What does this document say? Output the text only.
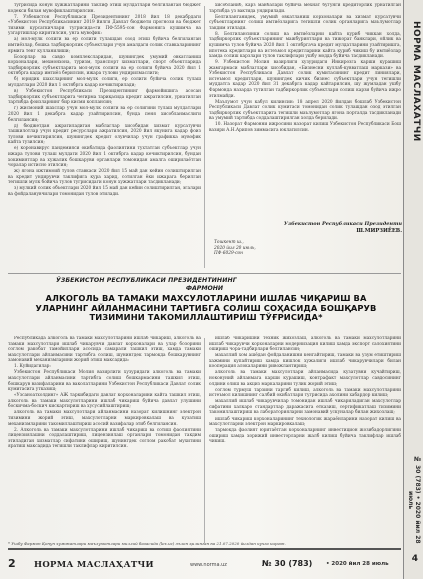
тугрисида конун хужжатларини таклиф этиш мулдатлари белгиланган бюджет кодекси билан мувофиклаштирилсин.

7. Узбекистон Республикаси Президентининг 2018 йил 18 декабрдаги «Узбекистон Республикасининг 2019 йилги Давлат бюджети прогнози ва бюджет тизими курсаткичлари тугрисида»ги ПФ-5595-сон Фармонига кушимча ва узгартишлар киритилсин, унга мувофик:

а) мол-мулк солиги ва ер солиги тулашдан озод этиш буйича белгиланган имтиёзлар, бошка тадбиркорлик субъектлари учун амалдаги солик ставкаларининг ярмига тенг кулланилиши;

Бозорлар ва савдо комплексларидан, шунингдек умумий овкатланиш корхоналари, мехмонхона, туризм, транспорт хизматлари, спорт объектларида тадбиркорлик субъектларига мол-мулк солиги ва ер солиги буйича 2020 йил 1 октябрга кадар имтиёз берилсин, ижара тулови ундирилмаслиги;

б) юридик шахсларнинг мол-мулк солиги, ер солиги буйича солик тулаш мулдатлари 2020 йил 1 октябрга кадар кечиктирилади;

в) Узбекистон Республикаси Президентининг фармойишига асосан тадбиркорлик субъектларига чегирма тариқасида кредит ажратилсин, урнатилган тартибда фоизларнинг бир кисми коплансин;

г) жисмоний шахслар учун мол-мулк солиги ва ер солигини тулаш мулдатлари 2020 йил 1 декабрга кадар узайтирилсин, бунда пеня хисобланмаслиги белгилансин;

д) бюджетдан ажратиладиган маблаглар хисобидан хизмат курсатувчи ташкилотлар учун кредит ресурслари ажратилсин, 2020 йил якунига кадар фоиз тулови кечиктирилсин, шунингдек кредит олувчилар учун графикка мувофик кайта тузилсин;

е) коронавирус пандемияси окибатида фаолиятини тухтатган субъектлар учун ижара тулови тулаш мулдати 2020 йил 1 октябрга кадар кечиктирилсин, бундан хокимиятлар ва хужалик бошкаруви органлари томонидан амалга оширилаётган чоралар истисно этилсин;

ж) ягона ижтимоий тулов ставкаси 2020 йил 15 май дан кейин солиштирилган ва кредит ундирувчи таклифига кура харид, сотилган ёки ижарага берилган тегишли мулк бойича тулов тугрисидаги конун хужжатлари тасдикланади;

з) мулкий солик объектлари 2020 йил 15 май дан кейин солиштирилган, эгалари ва фойдаланувчилари томонидан тулов этилади.

хисобланиб, карз манбалари буйича мехнат бугунги кредиторлик урнатилган тартибда уз вактида ундирилади.

Белгиланганидек, умумий овкатланиш корхоналари ва хизмат курсатувчи субъектларнинг солиш имтиёзларига тегишли солик органларига маълумотлар такдим этилади.

8. Белгилансинки солиш ва имтиёзларни кайта куриб чиккан холда, тадбиркорлик субъектларининг мажбуриятлари ва тижорат банклари, ойлик ва кушимча тулов буйича 2020 йил 1 октябргача кредит мулдатларини узайтиришга, ипотека кредитлари ва истеъмол кредитларини кайта куриб чикиш бу имтиёзлар хамда солиш карзлари тулов таклифлари ушбу модда буйича тасдикланади.

9. Узбекистон Молия вазирлиги хузуридаги Инкирозга карши курашиш жамгармаси маблаглари хисобидан, «Бизнесни куллаб-кувватлаш маркази» ва Узбекистон Республикаси Давлат солик кумитасининг кредит линиялари, истеъмол кредитлари, шунингдек кичик бизнес субъектлари учун тегишли муддатга кадар 2020 йил 31 декабрга кадар кайтарилсин, шу жумладан ушбу Фармонда назарда тутилган тадбиркорлик субъектлари солиш карзи буйича ижро этилмайди.

Маълумот учун кабул килинсин: 18 апрел 2020 йилдан бошлаб Узбекистон Республикаси Давлат солик кумитаси томонидан солик тулашдан озод этилган тадбиркорлик субъектларига тегишли маълумотлар ягона порталда тасдикланади ва умумий тартибда соддалаштирилган холда берилади.

10. Назорат Фармонни ижросини назорат килиш Узбекистон Республикаси Бош вазири А.Н.Арипов зиммасига юклатилсин.

Тошкент ш.,
2020 йил 20 июль,
ПФ-6029-сон
Узбекистон Республикаси Президенти
Ш.МИРЗИЁЕВ.
ЎЗБЕКИСТОН РЕСПУБЛИКАСИ ПРЕЗИДЕНТИНИНГ
ФАРМОНИ
АЛКОГОЛЬ ВА ТАМАКИ МАХСУЛОТЛАРИНИ ИШЛАБ ЧИҚАРИШ ВА УЛАРНИНГ АЙЛАНМАСИНИ ТАРТИБГА СОЛИШ СОҲАСИДА БОШҚАРУВ ТИЗИМИНИ ТАКОМИЛЛАШТИРИШ ТЎҒРИСИДА*

Республикада алкоголь ва тамаки махсулотларини ишлаб чикариш, алкоголь ва тамаки махсулотлари ишлаб чикарувчи давлат корхоналари ва улар бозорини соглом ракобат тамойиллари асосида самарали ташкил этиш, хамда тамаки махсулотлари айланмасини тартибга солиш, шунингдек тармокда бошкарувнинг замонавий механизмларини жорий этиш максадида:

1. Куйидагилар:

Узбекистон Республикаси Молия вазирлиги хузуридаги алкоголь ва тамаки махсулотлари айланмасини тартибга солиш бошкармасини ташкил этиш, бошкарув вазифаларини ва ваколатларини Узбекистон Республикаси Давлат солик кумитасига утказиш;

«Узсаноатхолдинг» АЖ таркибидаги давлат корхоналарини кайта ташкил этиш, алкоголь ва тамаки махсулотларини ишлаб чикариш буйича давлат улушини боскичма-боскич кискартириш ва хусусийлаштириш;

алкоголь ва тамаки махсулотлари айланмасини назорат килишнинг электрон тизимини жорий этиш, махсулотларни маркировкалаш ва кузатиш механизмларини такомиллаштириш асосий вазифалар этиб белгилансин.

2. Алкоголь ва тамаки махсулотларини ишлаб чикариш ва сотиш фаолиятини лицензиялашни соддалаштириш, лицензиялаш органлари томонидан такдим этиладиган хизматлар сифатини ошириш, шунингдек соглом ракобат мухитини яратиш максадида тегишли таклифлар киритилсин.

ишлаб чикаришни техник жихозлаш, алкоголь ва тамаки махсулотларини ишлаб чикарувчи корхоналарни модернизация килиш хамда экспорт салохиятини ошириш чора-тадбирлари белгилансин;

махаллий хом ашёдан фойдаланишни кенгайтириш, тамаки ва узум етиштириш хажмини купайтириш хамда кишлок хужалиги ишлаб чикарувчилари билан кооперация алокаларини ривожлантириш;

алкоголь ва тамаки махсулотлари айланмасида кузатувни кучайтириш, ноконуний айланмага карши курашиш, контрафакт махсулотлар савдосининг олдини олиш ва акциз маркаларини тулик жорий этиш;

соглом турмуш тарзини таргиб килиш, алкоголь ва тамаки махсулотларини истеъмол килишнинг салбий окибатлари тугрисида ахолини хабардор килиш;

махаллий ишлаб чикарувчилар томонидан ишлаб чикариладиган махсулотлар сифатини халкаро стандартлар даражасига етказиш, сертификатлаш тизимини такомиллаштириш ва лабораторияларни замонавий ускуналар билан жихозлаш;

ишлаб чикариш корхоналарининг технологик жараёнларини назорат килиш ва махсулотларни электрон маркировкалаш;

тармокда фаолият юритаётган корхоналарнинг инвестицион жозибадорлигини ошириш хамда хорижий инвесторларни жалб килиш буйича таклифлар ишлаб чикиш.

* Ушбу Фармон Қонун хужжатлари маълумотлари миллий базасида (lex.uz) эълон қилинган ва 21.07.2020 йилдан кучга кирган.
2 НОРМА МАСЛАҲАТЧИ	www.norma.uz	№ 30 (783) • 2020 йил 28 июль
НОРМА МАСЛАХАТЧИ
№ 30 (783) • 2020 йил 28 июль
4
